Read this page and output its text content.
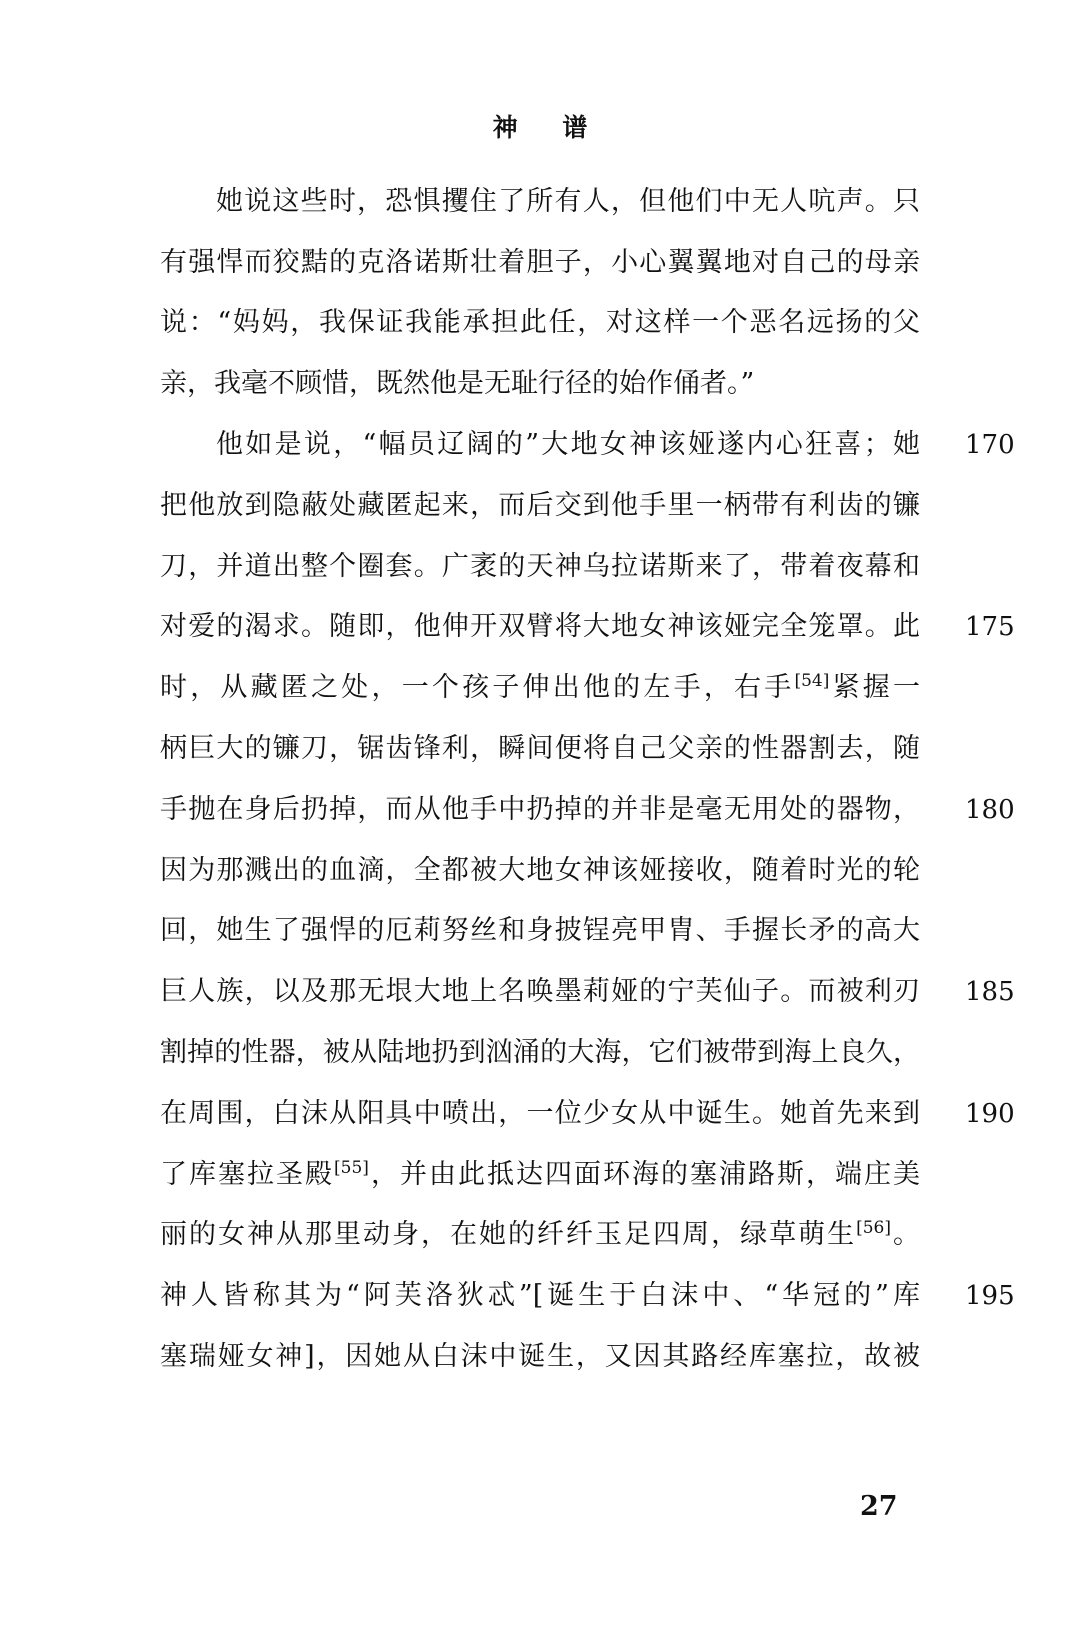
神 谱
她说这些时，恐惧攫住了所有人，但他们中无人吭声。只
有强悍而狡黠的克洛诺斯壮着胆子，小心翼翼地对自己的母亲
说：“妈妈，我保证我能承担此任，对这样一个恶名远扬的父
亲，我毫不顾惜，既然他是无耻行径的始作俑者。”
他如是说，“幅员辽阔的”大地女神该娅遂内心狂喜；她 170
把他放到隐蔽处藏匿起来，而后交到他手里一柄带有利齿的镰
刀，并道出整个圈套。广袤的天神乌拉诺斯来了，带着夜幕和
对爱的渴求。随即，他伸开双臂将大地女神该娅完全笼罩。此 175
时，从藏匿之处，一个孩子伸出他的左手，右手[54]紧握一
柄巨大的镰刀，锯齿锋利，瞬间便将自己父亲的性器割去，随
手抛在身后扔掉，而从他手中扔掉的并非是毫无用处的器物， 180
因为那溅出的血滴，全都被大地女神该娅接收，随着时光的轮
回，她生了强悍的厄莉努丝和身披锃亮甲胄、手握长矛的高大
巨人族，以及那无垠大地上名唤墨莉娅的宁芙仙子。而被利刃 185
割掉的性器，被从陆地扔到汹涌的大海，它们被带到海上良久，
在周围，白沫从阳具中喷出，一位少女从中诞生。她首先来到 190
了库塞拉圣殿[55]，并由此抵达四面环海的塞浦路斯，端庄美
丽的女神从那里动身，在她的纤纤玉足四周，绿草萌生[56]。
神人皆称其为“阿芙洛狄忒”[诞生于白沫中、“华冠的”库 195
塞瑞娅女神]，因她从白沫中诞生，又因其路经库塞拉，故被
27
